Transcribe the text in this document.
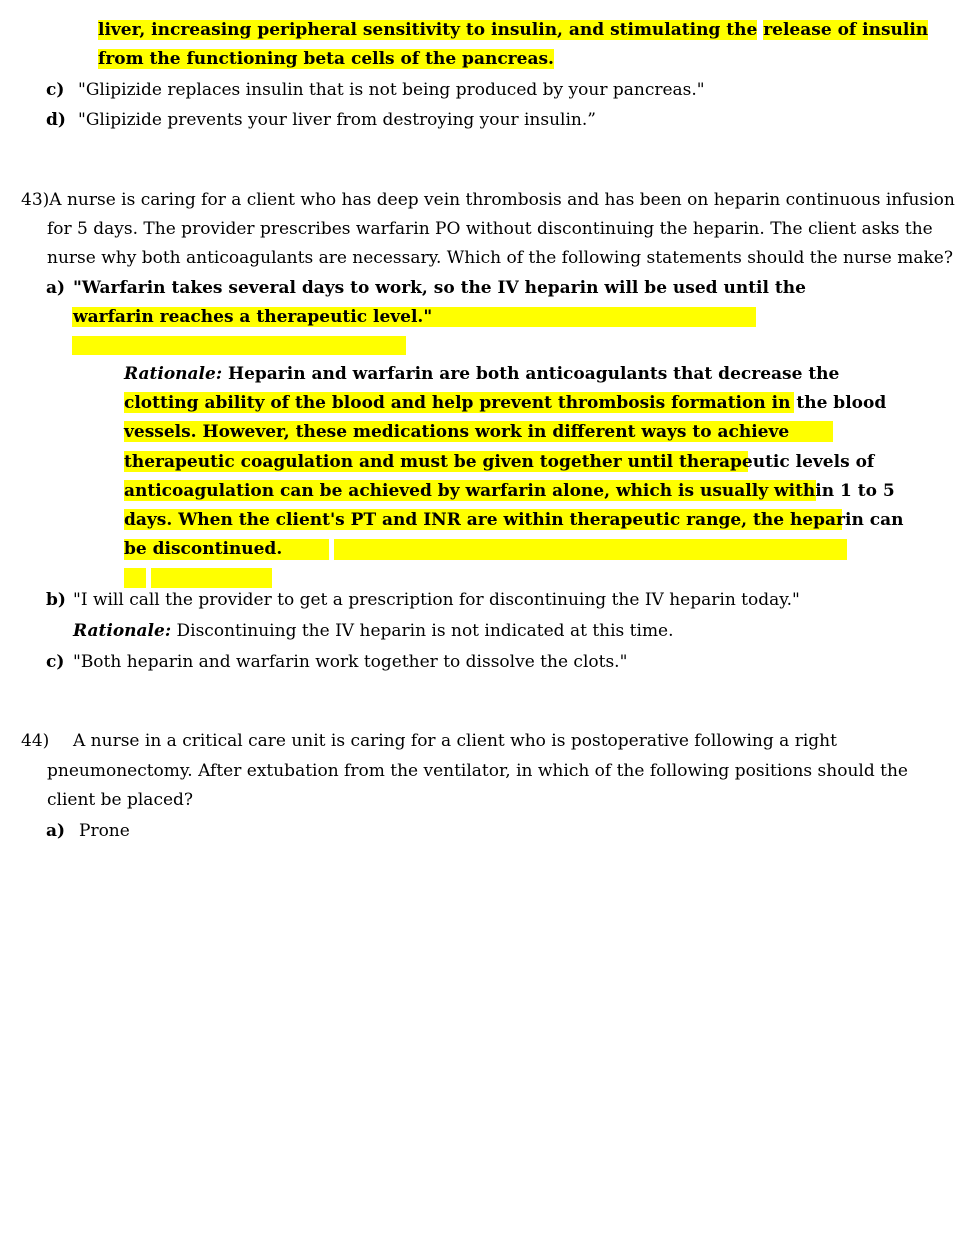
liver, increasing peripheral sensitivity to insulin, and stimulating the release of insulin
from the functioning beta cells of the pancreas.
c) "Glipizide replaces insulin that is not being produced by your pancreas."
d) "Glipizide prevents your liver from destroying your insulin.”
43)A nurse is caring for a client who has deep vein thrombosis and has been on heparin continuous infusion
for 5 days. The provider prescribes warfarin PO without discontinuing the heparin. The client asks the
nurse why both anticoagulants are necessary. Which of the following statements should the nurse make?
a) "Warfarin takes several days to work, so the IV heparin will be used until the
warfarin reaches a therapeutic level."
Rationale: Heparin and warfarin are both anticoagulants that decrease the
clotting ability of the blood and help prevent thrombosis formation in the blood
vessels. However, these medications work in different ways to achieve
therapeutic coagulation and must be given together until therapeutic levels of
anticoagulation can be achieved by warfarin alone, which is usually within 1 to 5
days. When the client's PT and INR are within therapeutic range, the heparin can
be discontinued.
b) "I will call the provider to get a prescription for discontinuing the IV heparin today."
Rationale: Discontinuing the IV heparin is not indicated at this time.
c) "Both heparin and warfarin work together to dissolve the clots."
44) A nurse in a critical care unit is caring for a client who is postoperative following a right
pneumonectomy. After extubation from the ventilator, in which of the following positions should the
client be placed?
a) Prone
